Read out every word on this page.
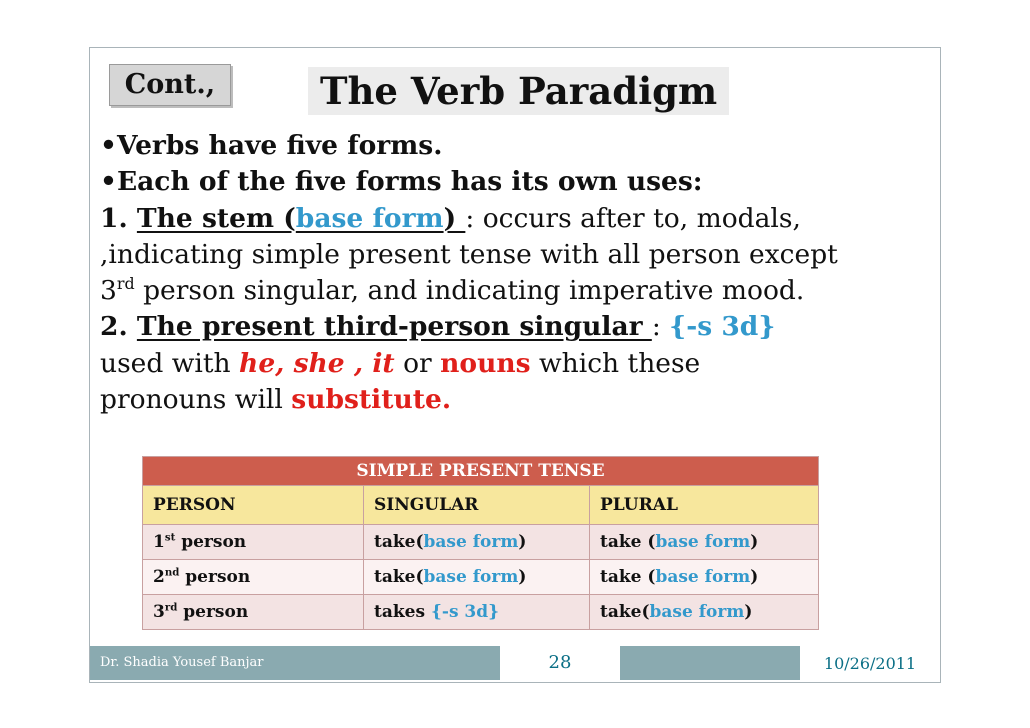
Cont.,	The Verb Paradigm
•Verbs have five forms.
•Each of the five forms has its own uses:
1. The stem (base form) : occurs after to, modals,
,indicating simple present tense with all person except
3rd person singular, and indicating imperative mood.
2. The present third-person singular : {-s 3d}
used with he, she , it or nouns which these
pronouns will substitute.
SIMPLE PRESENT TENSE		
PERSON	SINGULAR	PLURAL
1st person	take(base form)	take (base form)
2nd person	take(base form)	take (base form)
3rd person	takes {-s 3d}	take(base form)
Dr. Shadia Yousef Banjar	28	10/26/2011
